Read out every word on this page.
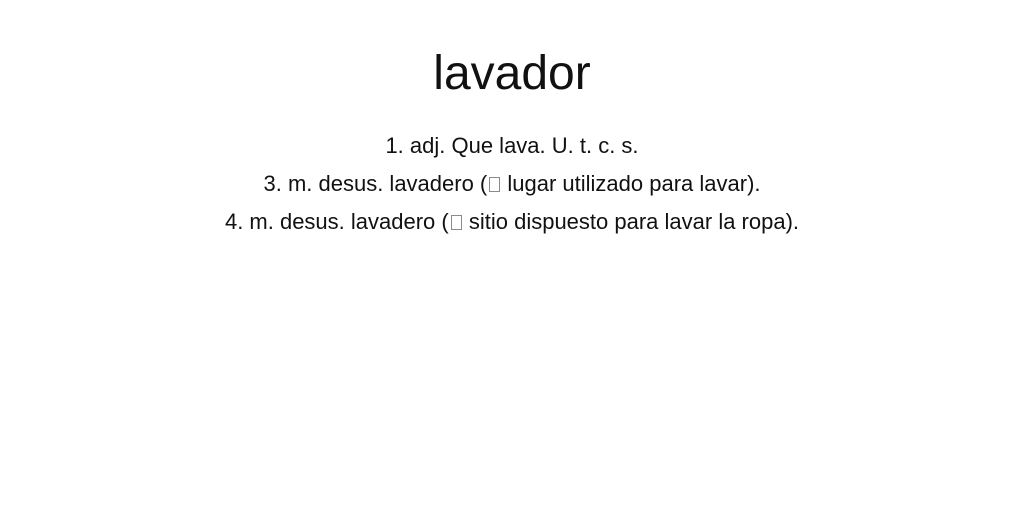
lavador
1. adj. Que lava. U. t. c. s.
3. m. desus. lavadero ( lugar utilizado para lavar).
4. m. desus. lavadero ( sitio dispuesto para lavar la ropa).
